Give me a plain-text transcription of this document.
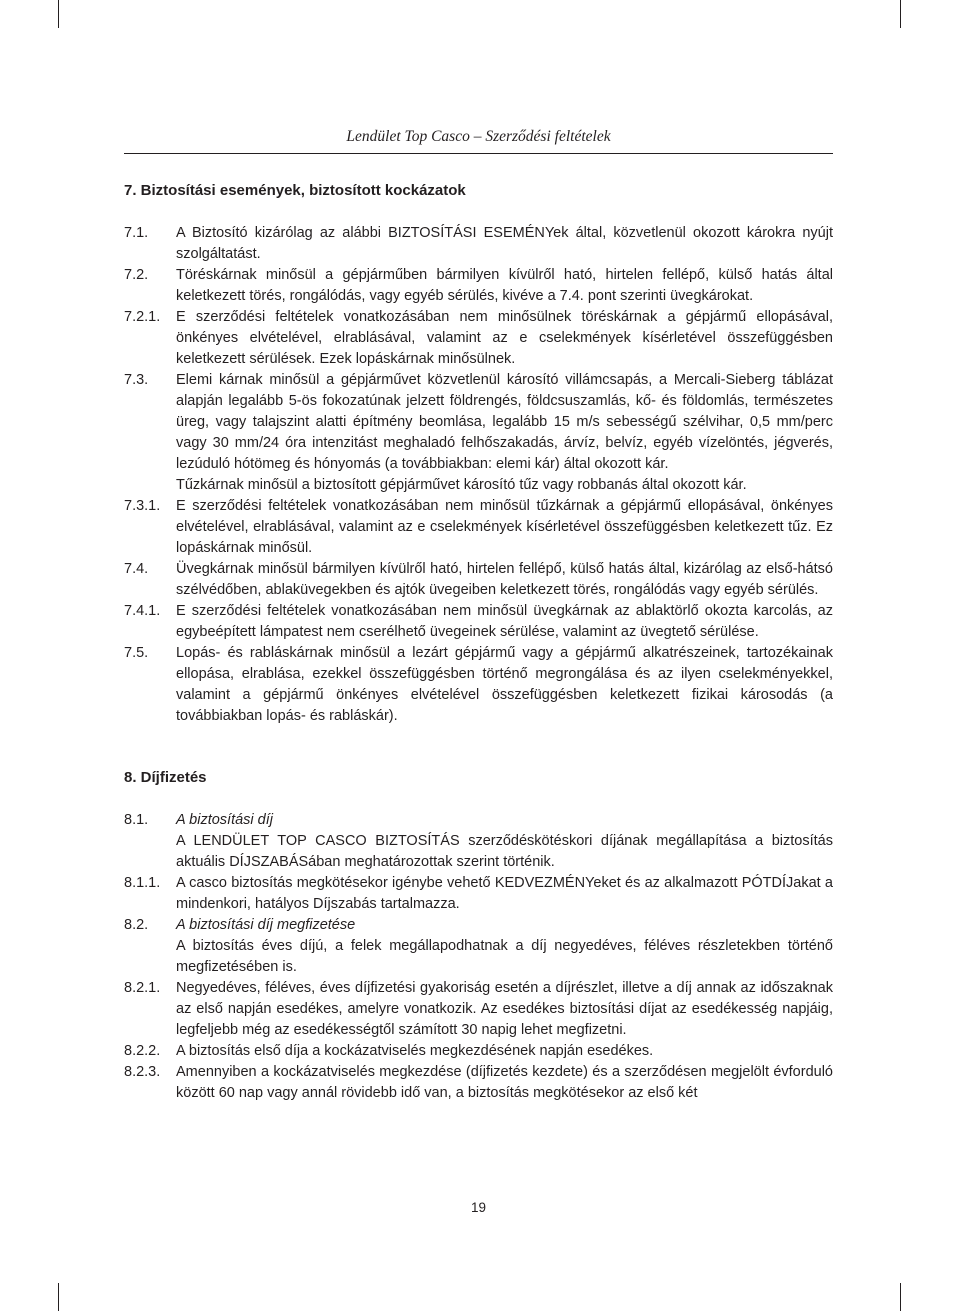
Lendület Top Casco – Szerződési feltételek
7. Biztosítási események, biztosított kockázatok
7.1.	A Biztosító kizárólag az alábbi BIZTOSÍTÁSI ESEMÉNYek által, közvetlenül okozott károkra nyújt szolgáltatást.

7.2.	Töréskárnak minősül a gépjárműben bármilyen kívülről ható, hirtelen fellépő, külső hatás által keletkezett törés, rongálódás, vagy egyéb sérülés, kivéve a 7.4. pont szerinti üvegkárokat.

7.2.1.	E szerződési feltételek vonatkozásában nem minősülnek töréskárnak a gépjármű ellopásával, önkényes elvételével, elrablásával, valamint az e cselekmények kísérletével összefüggésben keletkezett sérülések. Ezek lopáskárnak minősülnek.

7.3.	Elemi kárnak minősül a gépjárművet közvetlenül károsító villámcsapás, a Mercali-Sieberg táblázat alapján legalább 5-ös fokozatúnak jelzett földrengés, földcsuszamlás, kő- és földomlás, természetes üreg, vagy talajszint alatti építmény beomlása, legalább 15 m/s sebességű szélvihar, 0,5 mm/perc vagy 30 mm/24 óra intenzitást meghaladó felhőszakadás, árvíz, belvíz, egyéb vízelöntés, jégverés, lezúduló hótömeg és hónyomás (a továbbiakban: elemi kár) által okozott kár.

Tűzkárnak minősül a biztosított gépjárművet károsító tűz vagy robbanás által okozott kár.

7.3.1.	E szerződési feltételek vonatkozásában nem minősül tűzkárnak a gépjármű ellopásával, önkényes elvételével, elrablásával, valamint az e cselekmények kísérletével összefüggésben keletkezett tűz. Ez lopáskárnak minősül.

7.4.	Üvegkárnak minősül bármilyen kívülről ható, hirtelen fellépő, külső hatás által, kizárólag az első-hátsó szélvédőben, ablaküvegekben és ajtók üvegeiben keletkezett törés, rongálódás vagy egyéb sérülés.

7.4.1.	E szerződési feltételek vonatkozásában nem minősül üvegkárnak az ablaktörlő okozta karcolás, az egybeépített lámpatest nem cserélhető üvegeinek sérülése, valamint az üvegtető sérülése.

7.5.	Lopás- és rabláskárnak minősül a lezárt gépjármű vagy a gépjármű alkatrészeinek, tartozékainak ellopása, elrablása, ezekkel összefüggésben történő megrongálása és az ilyen cselekményekkel, valamint a gépjármű önkényes elvételével összefüggésben keletkezett fizikai károsodás (a továbbiakban lopás- és rabláskár).

8. Díjfizetés
8.1.	A biztosítási díj

A LENDÜLET TOP CASCO BIZTOSÍTÁS szerződéskötéskori díjának megállapítása a biztosítás aktuális DÍJSZABÁSában meghatározottak szerint történik.

8.1.1.	A casco biztosítás megkötésekor igénybe vehető KEDVEZMÉNYeket és az alkalmazott PÓTDÍJakat a mindenkori, hatályos Díjszabás tartalmazza.

8.2.	A biztosítási díj megfizetése

A biztosítás éves díjú, a felek megállapodhatnak a díj negyedéves, féléves részletekben történő megfizetésében is.

8.2.1.	Negyedéves, féléves, éves díjfizetési gyakoriság esetén a díjrészlet, illetve a díj annak az időszaknak az első napján esedékes, amelyre vonatkozik. Az esedékes biztosítási díjat az esedékesség napjáig, legfeljebb még az esedékességtől számított 30 napig lehet megfizetni.

8.2.2.	A biztosítás első díja a kockázatviselés megkezdésének napján esedékes.

8.2.3.	Amennyiben a kockázatviselés megkezdése (díjfizetés kezdete) és a szerződésen megjelölt évforduló között 60 nap vagy annál rövidebb idő van, a biztosítás megkötésekor az első két

19
